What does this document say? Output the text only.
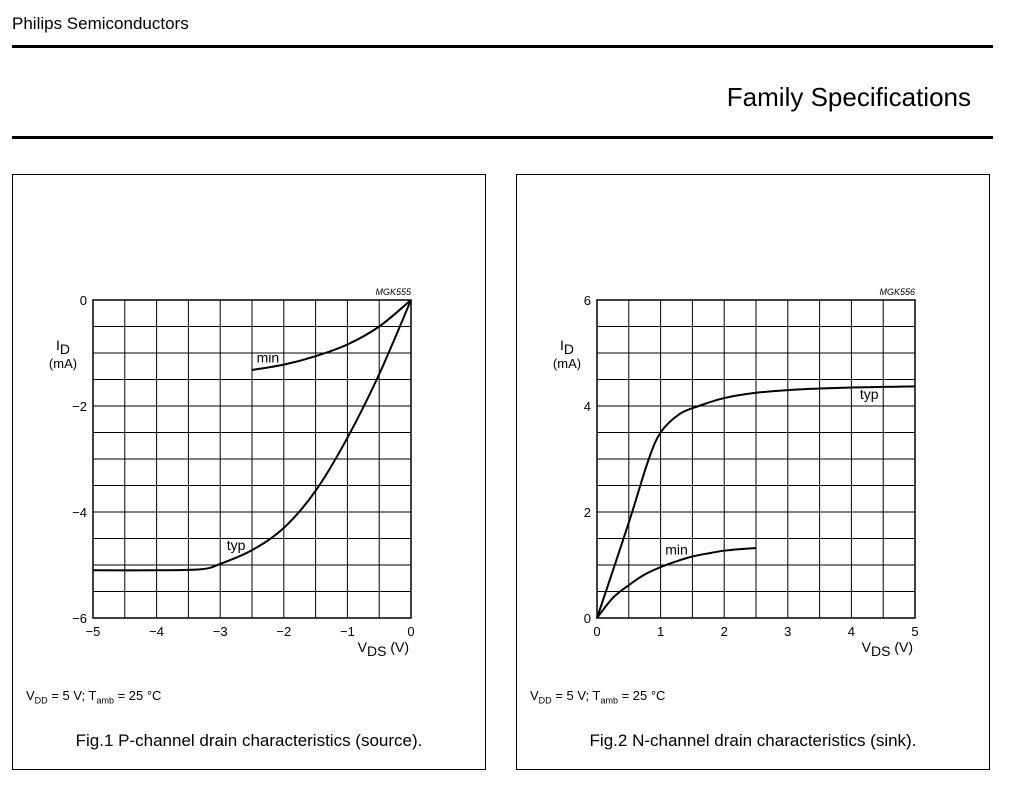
Philips Semiconductors
Family Specifications
−5	−4	−3	−2	−1	0
−6
−4
−2
0
MGK555
ID
(mA)
VDS (V)
typ
min
$V_{DD} = 5$ V; $T_{amb} = 25$ °C
Fig.1 P-channel drain characteristics (source).
0	1	2	3	4	5
0
2
4
6
MGK556
ID
(mA)
VDS (V)
typ
min
$V_{DD} = 5$ V; $T_{amb} = 25$ °C
Fig.2 N-channel drain characteristics (sink).
